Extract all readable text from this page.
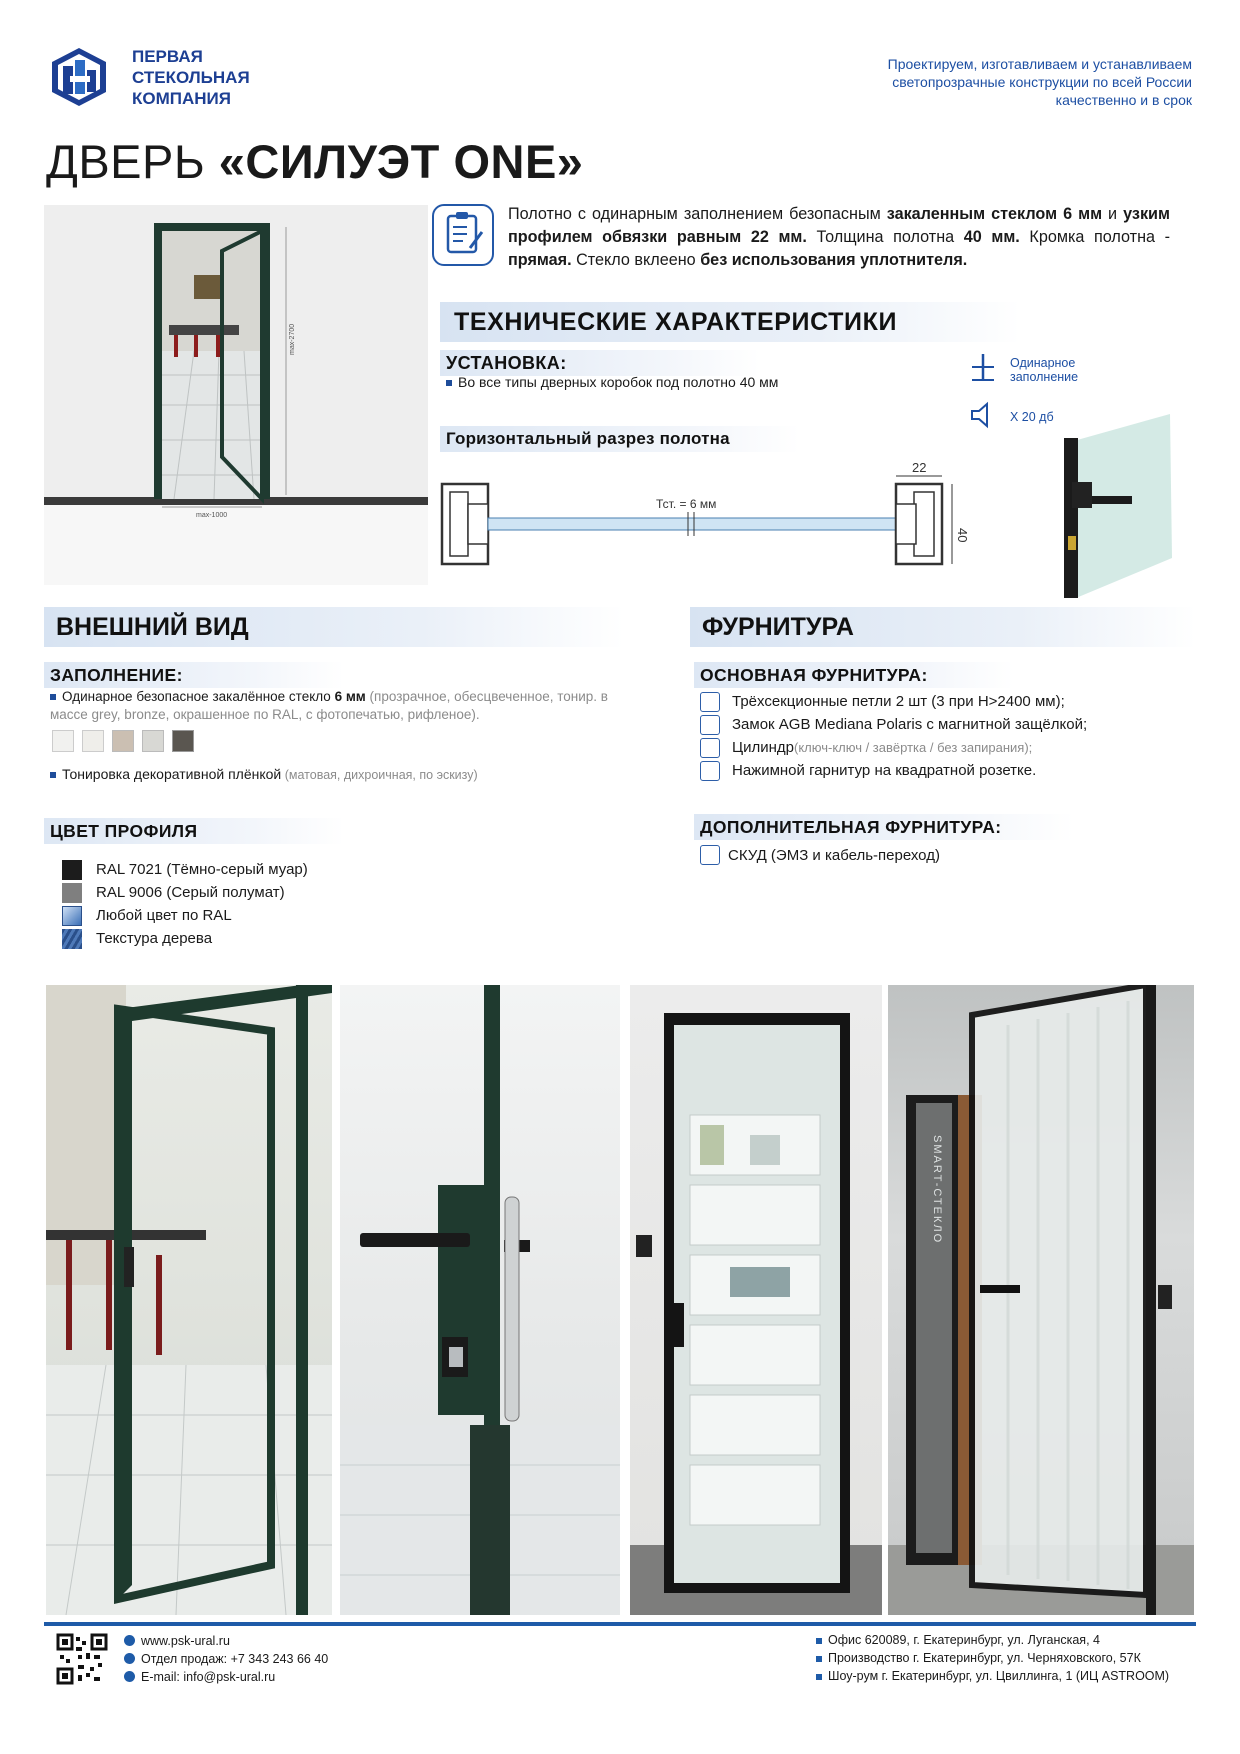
ПЕРВАЯ
СТЕКОЛЬНАЯ
КОМПАНИЯ
Проектируем, изготавливаем и устанавливаем
светопрозрачные конструкции по всей России
качественно и в срок
ДВЕРЬ «СИЛУЭТ ONE»
max-2700
max-1000
Полотно с одинарным заполнением безопасным закаленным стеклом 6 мм и узким профилем обвязки равным 22 мм. Толщина полотна 40 мм. Кромка полотна - прямая. Стекло вклеено без использования уплотнителя.
ТЕХНИЧЕСКИЕ ХАРАКТЕРИСТИКИ
УСТАНОВКА:
Во все типы дверных коробок под полотно 40 мм
Горизонтальный разрез полотна
Одинарное
заполнение
X 20 дб
Тст. = 6 мм
22
40
ВНЕШНИЙ ВИД
ЗАПОЛНЕНИЕ:
Одинарное безопасное закалённое стекло 6 мм (прозрачное, обесцвеченное, тонир. в массе grey, bronze, окрашенное по RAL, с фотопечатью, рифленое).
Тонировка декоративной плёнкой (матовая, дихроичная, по эскизу)
ЦВЕТ ПРОФИЛЯ
RAL 7021 (Тёмно-серый муар)
RAL 9006 (Серый полумат)
Любой цвет по RAL
Текстура дерева
ФУРНИТУРА
ОСНОВНАЯ ФУРНИТУРА:
Трёхсекционные петли 2 шт (3 при H>2400 мм);
Замок AGB Mediana Polaris с магнитной защёлкой;
Цилиндр (ключ-ключ / завёртка / без запирания);
Нажимной гарнитур на квадратной розетке.
ДОПОЛНИТЕЛЬНАЯ ФУРНИТУРА:
СКУД (ЭМЗ и кабель-переход)
SMART-СТЕКЛО
www.psk-ural.ru
Отдел продаж: +7 343 243 66 40
E-mail: info@psk-ural.ru
Офис 620089, г. Екатеринбург, ул. Луганская, 4
Производство г. Екатеринбург, ул. Черняховского, 57К
Шоу-рум г. Екатеринбург, ул. Цвиллинга, 1 (ИЦ ASTROOM)
